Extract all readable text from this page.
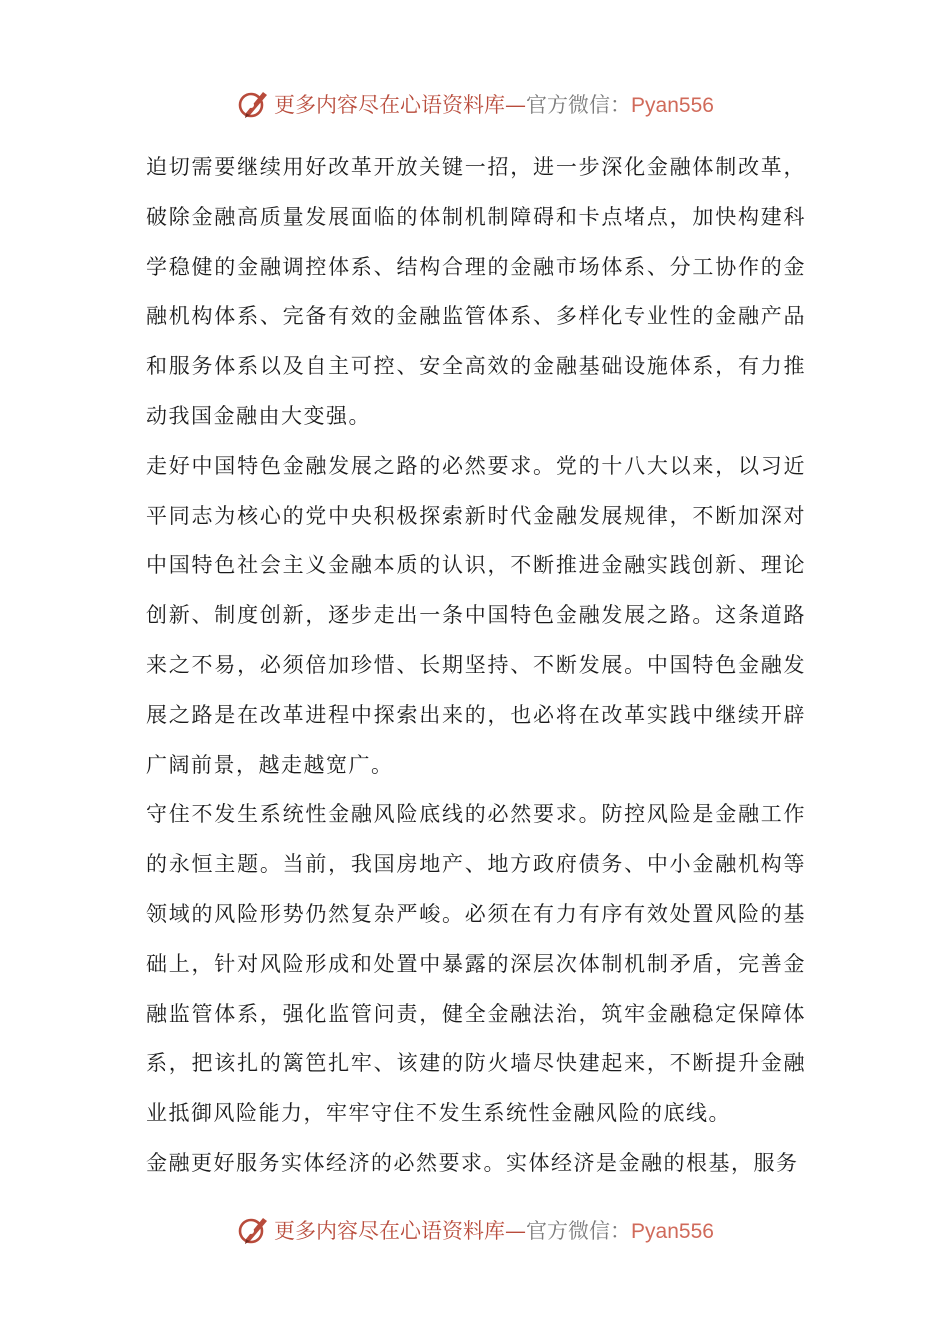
更多内容尽在心语资料库—官方微信：Pyan556

迫切需要继续用好改革开放关键一招，进一步深化金融体制改革，破除金融高质量发展面临的体制机制障碍和卡点堵点，加快构建科学稳健的金融调控体系、结构合理的金融市场体系、分工协作的金融机构体系、完备有效的金融监管体系、多样化专业性的金融产品和服务体系以及自主可控、安全高效的金融基础设施体系，有力推动我国金融由大变强。

走好中国特色金融发展之路的必然要求。党的十八大以来，以习近平同志为核心的党中央积极探索新时代金融发展规律，不断加深对中国特色社会主义金融本质的认识，不断推进金融实践创新、理论创新、制度创新，逐步走出一条中国特色金融发展之路。这条道路来之不易，必须倍加珍惜、长期坚持、不断发展。中国特色金融发展之路是在改革进程中探索出来的，也必将在改革实践中继续开辟广阔前景，越走越宽广。

守住不发生系统性金融风险底线的必然要求。防控风险是金融工作的永恒主题。当前，我国房地产、地方政府债务、中小金融机构等领域的风险形势仍然复杂严峻。必须在有力有序有效处置风险的基础上，针对风险形成和处置中暴露的深层次体制机制矛盾，完善金融监管体系，强化监管问责，健全金融法治，筑牢金融稳定保障体系，把该扎的篱笆扎牢、该建的防火墙尽快建起来，不断提升金融业抵御风险能力，牢牢守住不发生系统性金融风险的底线。

金融更好服务实体经济的必然要求。实体经济是金融的根基，服务

更多内容尽在心语资料库—官方微信：Pyan556
